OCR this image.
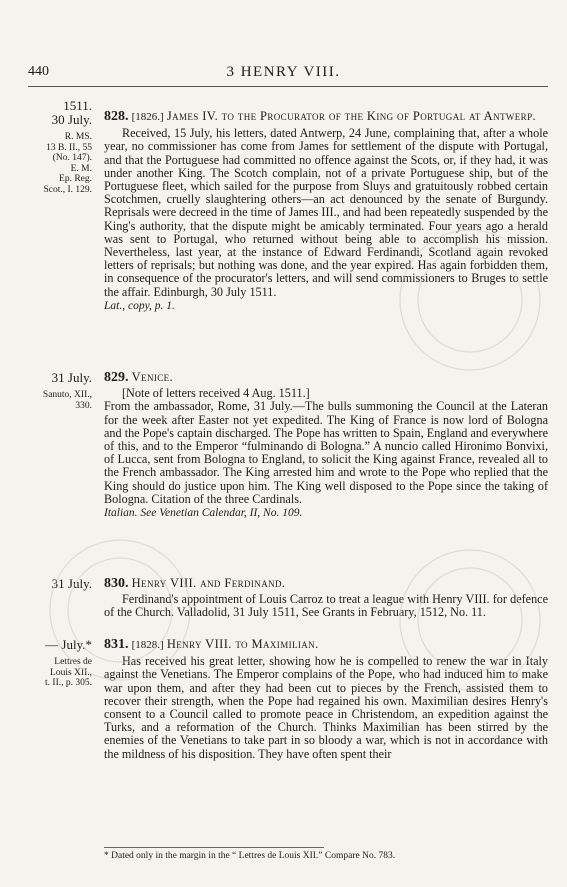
440	3 HENRY VIII.
1511.
30 July.
R. MS.
13 B. II., 55
(No. 147).
E. M.
Ep. Reg.
Scot., I. 129.

828. [1826.] James IV. to the Procurator of the King of Portugal at Antwerp.

Received, 15 July, his letters, dated Antwerp, 24 June, complaining that, after a whole year, no commissioner has come from James for settlement of the dispute with Portugal, and that the Portuguese had committed no offence against the Scots, or, if they had, it was under another King. The Scotch complain, not of a private Portuguese ship, but of the Portuguese fleet, which sailed for the purpose from Sluys and gratuitously robbed certain Scotchmen, cruelly slaughtering others—an act denounced by the senate of Burgundy. Reprisals were decreed in the time of James III., and had been repeatedly suspended by the King's authority, that the dispute might be amicably terminated. Four years ago a herald was sent to Portugal, who returned without being able to accomplish his mission. Nevertheless, last year, at the instance of Edward Ferdinandi, Scotland again revoked letters of reprisals; but nothing was done, and the year expired. Has again forbidden them, in consequence of the procurator's letters, and will send commissioners to Bruges to settle the affair. Edinburgh, 30 July 1511.

Lat., copy, p. 1.

31 July.
Sanuto, XII.,
330.

829. Venice.

[Note of letters received 4 Aug. 1511.]

From the ambassador, Rome, 31 July.—The bulls summoning the Council at the Lateran for the week after Easter not yet expedited. The King of France is now lord of Bologna and the Pope's captain discharged. The Pope has written to Spain, England and everywhere of this, and to the Emperor “fulminando di Bologna.” A nuncio called Hironimo Bonvixi, of Lucca, sent from Bologna to England, to solicit the King against France, revealed all to the French ambassador. The King arrested him and wrote to the Pope who replied that the King should do justice upon him. The King well disposed to the Pope since the taking of Bologna. Citation of the three Cardinals.

Italian. See Venetian Calendar, II, No. 109.

31 July. 830. Henry VIII. and Ferdinand.

Ferdinand's appointment of Louis Carroz to treat a league with Henry VIII. for defence of the Church. Valladolid, 31 July 1511, See Grants in February, 1512, No. 11.

— July.*
Lettres de
Louis XII.,
t. II., p. 305.

831. [1828.] Henry VIII. to Maximilian.

Has received his great letter, showing how he is compelled to renew the war in Italy against the Venetians. The Emperor complains of the Pope, who had induced him to make war upon them, and after they had been cut to pieces by the French, assisted them to recover their strength, when the Pope had regained his own. Maximilian desires Henry's consent to a Council called to promote peace in Christendom, an expedition against the Turks, and a reformation of the Church. Thinks Maximilian has been stirred by the enemies of the Venetians to take part in so bloody a war, which is not in accordance with the mildness of his disposition. They have often spent their

* Dated only in the margin in the “ Lettres de Louis XII.” Compare No. 783.
